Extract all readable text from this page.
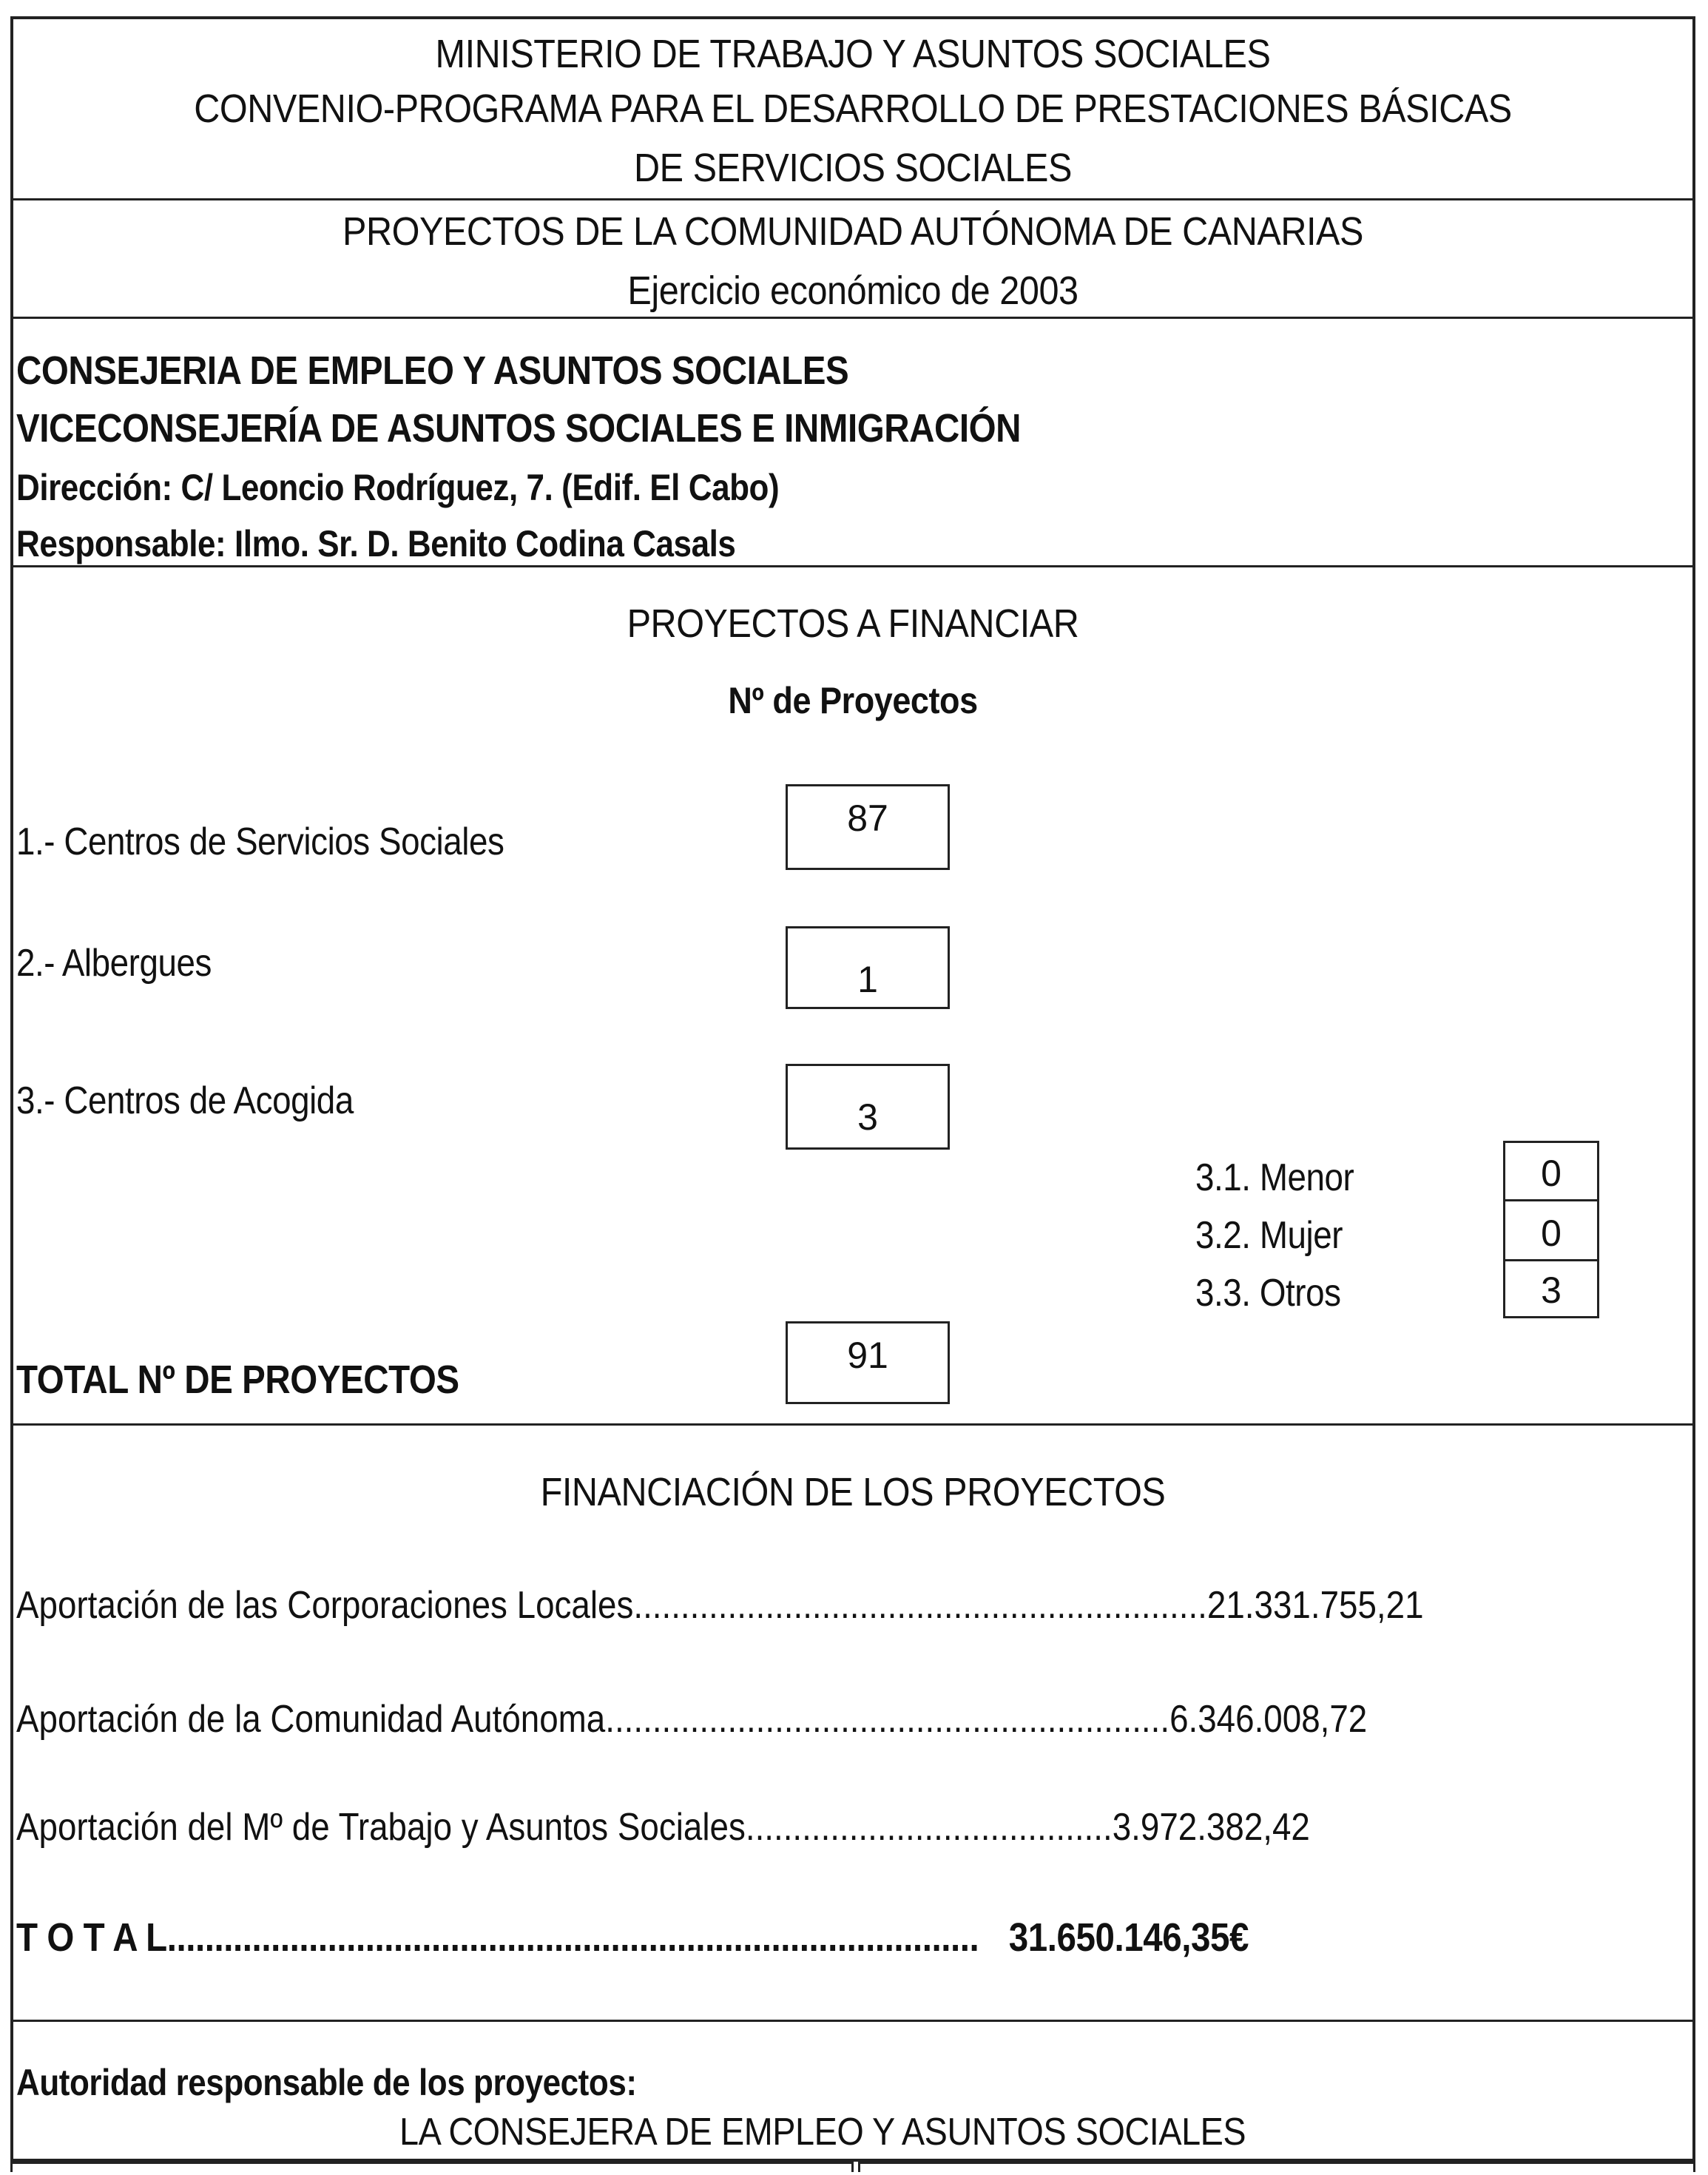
MINISTERIO DE TRABAJO Y ASUNTOS SOCIALES
CONVENIO-PROGRAMA PARA EL DESARROLLO DE PRESTACIONES BÁSICAS
DE SERVICIOS SOCIALES
PROYECTOS DE LA COMUNIDAD AUTÓNOMA DE CANARIAS
Ejercicio económico de 2003
CONSEJERIA DE EMPLEO Y ASUNTOS SOCIALES
VICECONSEJERÍA DE ASUNTOS SOCIALES E INMIGRACIÓN
Dirección: C/ Leoncio Rodríguez, 7. (Edif. El Cabo)
Responsable: Ilmo. Sr. D. Benito Codina Casals
PROYECTOS A FINANCIAR
Nº de Proyectos
1.- Centros de Servicios Sociales
87
2.- Albergues	1
3.- Centros de Acogida	3
3.1. Menor
3.2. Mujer
3.3. Otros
0
0
3
TOTAL Nº DE PROYECTOS
91
FINANCIACIÓN DE LOS PROYECTOS
Aportación de las Corporaciones Locales.............................................................21.331.755,21
Aportación de la Comunidad Autónoma............................................................6.346.008,72
Aportación del Mº de Trabajo y Asuntos Sociales.......................................3.972.382,42
T O T A L...................................................................................... 31.650.146,35€
Autoridad responsable de los proyectos:
LA CONSEJERA DE EMPLEO Y ASUNTOS SOCIALES
